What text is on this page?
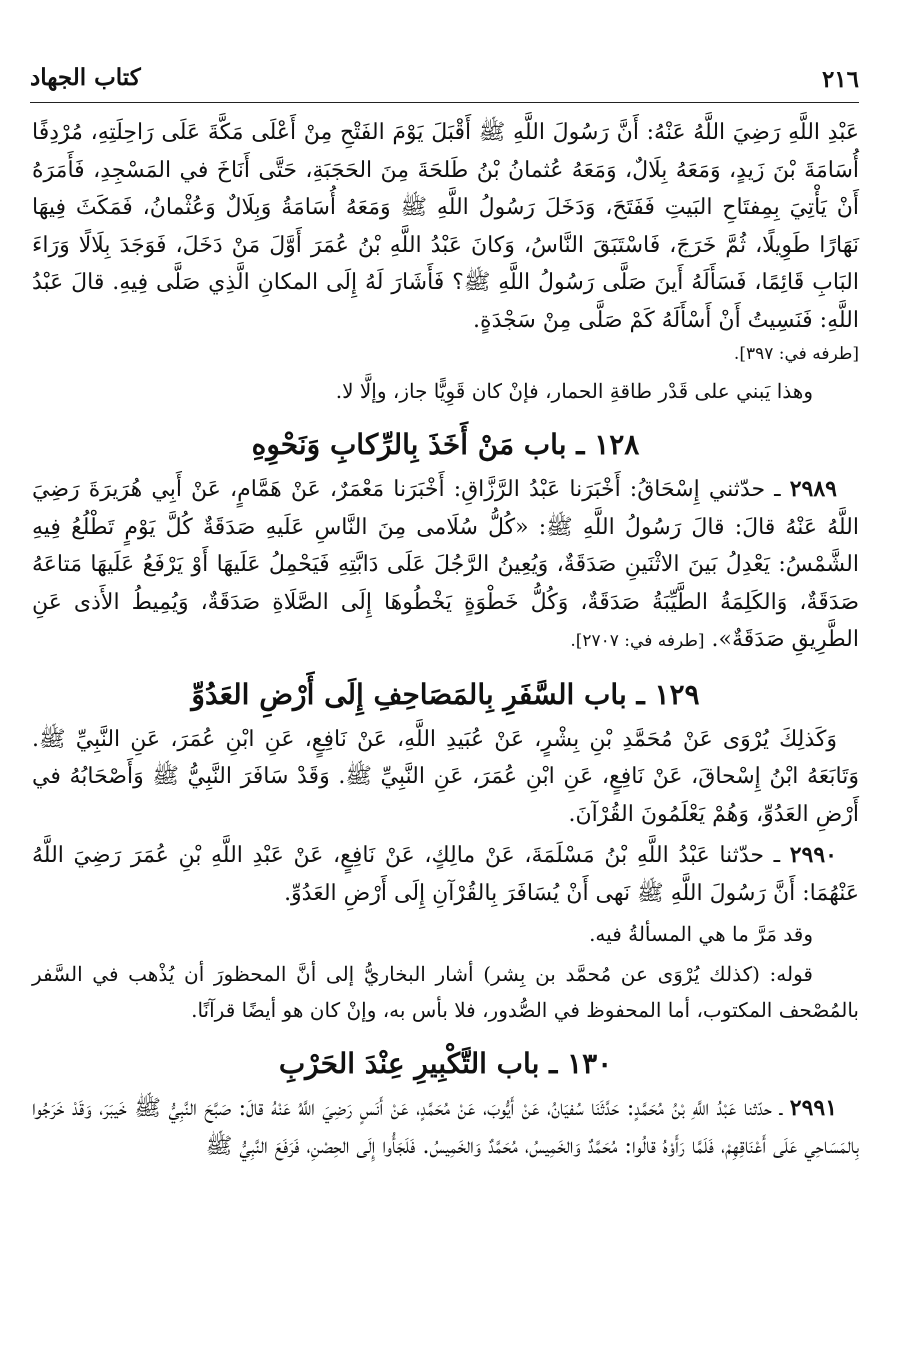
٢١٦
كتاب الجهاد

عَبْدِ اللَّهِ رَضِيَ اللَّهُ عَنْهُ: أَنَّ رَسُولَ اللَّهِ ﷺ أَقْبَلَ يَوْمَ الفَتْحِ مِنْ أَعْلَى مَكَّةَ عَلَى رَاحِلَتِهِ، مُرْدِفًا أُسَامَةَ بْنَ زَيدٍ، وَمَعَهُ بِلَالٌ، وَمَعَهُ عُثمانُ بْنُ طَلحَةَ مِنَ الحَجَبَةِ، حَتَّى أَنَاخَ في المَسْجِدِ، فَأَمَرَهُ أَنْ يَأْتِيَ بِمِفتَاحِ البَيتِ فَفَتَحَ، وَدَخَلَ رَسُولُ اللَّهِ ﷺ وَمَعَهُ أُسَامَةُ وَبِلَالٌ وَعُثْمانُ، فَمَكَثَ فِيهَا نَهَارًا طَوِيلًا، ثُمَّ خَرَجَ، فَاسْتَبَقَ النَّاسُ، وَكانَ عَبْدُ اللَّهِ بْنُ عُمَرَ أَوَّلَ مَنْ دَخَلَ، فَوَجَدَ بِلَالًا وَرَاءَ البَابِ قَائِمًا، فَسَأَلَهُ أَينَ صَلَّى رَسُولُ اللَّهِ ﷺ؟ فَأَشَارَ لَهُ إِلَى المكانِ الَّذِي صَلَّى فِيهِ. قالَ عَبْدُ اللَّهِ: فَنَسِيتُ أَنْ أَسْأَلَهُ كَمْ صَلَّى مِنْ سَجْدَةٍ.

[طرفه في: ٣٩٧].

وهذا يَبني على قَدْر طاقةِ الحمار، فإنْ كان قَوِيًّا جاز، وإلَّا لا.

١٢٨ ـ باب مَنْ أَخَذَ بِالرِّكابِ وَنَحْوِهِ

٢٩٨٩ ـ حدّثني إِسْحَاقُ: أَخْبَرَنا عَبْدُ الرَّزَّاقِ: أَخْبَرَنا مَعْمَرٌ، عَنْ هَمَّامٍ، عَنْ أَبِي هُرَيرَةَ رَضِيَ اللَّهُ عَنْهُ قالَ: قالَ رَسُولُ اللَّهِ ﷺ: «كُلُّ سُلَامى مِنَ النَّاسِ عَلَيهِ صَدَقَةٌ كُلَّ يَوْمٍ تَطْلُعُ فِيهِ الشَّمْسُ: يَعْدِلُ بَينَ الاثْنَينِ صَدَقَةٌ، وَيُعِينُ الرَّجُلَ عَلَى دَابَّتِهِ فَيَحْمِلُ عَلَيهَا أَوْ يَرْفَعُ عَلَيهَا مَتاعَهُ صَدَقَةٌ، وَالكَلِمَةُ الطَّيِّبَةُ صَدَقَةٌ، وَكُلُّ خَطْوَةٍ يَخْطُوهَا إِلَى الصَّلَاةِ صَدَقَةٌ، وَيُمِيطُ الأَذى عَنِ الطَّرِيقِ صَدَقَةٌ». [طرفه في: ٢٧٠٧].

١٢٩ ـ باب السَّفَرِ بِالمَصَاحِفِ إِلَى أَرْضِ العَدُوِّ

وَكَذلِكَ يُرْوَى عَنْ مُحَمَّدِ بْنِ بِشْرٍ، عَنْ عُبَيدِ اللَّهِ، عَنْ نَافِعٍ، عَنِ ابْنِ عُمَرَ، عَنِ النَّبِيِّ ﷺ. وَتَابَعَهُ ابْنُ إِسْحاقَ، عَنْ نَافِعٍ، عَنِ ابْنِ عُمَرَ، عَنِ النَّبِيِّ ﷺ. وَقَدْ سَافَرَ النَّبِيُّ ﷺ وَأَصْحَابُهُ في أَرْضِ العَدُوِّ، وَهُمْ يَعْلَمُونَ القُرْآنَ.

٢٩٩٠ ـ حدّثنا عَبْدُ اللَّهِ بْنُ مَسْلَمَةَ، عَنْ مالِكٍ، عَنْ نَافِعٍ، عَنْ عَبْدِ اللَّهِ بْنِ عُمَرَ رَضِيَ اللَّهُ عَنْهُمَا: أَنَّ رَسُولَ اللَّهِ ﷺ نَهى أَنْ يُسَافَرَ بِالقُرْآنِ إِلَى أَرْضِ العَدُوِّ.

وقد مَرَّ ما هي المسألةُ فيه.

قوله: (كذلك يُرْوَى عن مُحمَّد بن بِشر) أشار البخاريُّ إلى أنَّ المحظورَ أن يُذْهب في السَّفر بالمُصْحف المكتوب، أما المحفوظ في الصُّدور، فلا بأس به، وإنْ كان هو أيضًا قرآنًا.

١٣٠ ـ باب التَّكْبِيرِ عِنْدَ الحَرْبِ

٢٩٩١ ـ حدّثنا عَبْدُ اللَّهِ بْنُ مُحَمَّدٍ: حَدَّثَنَا سُفيَانُ، عَنْ أَيُّوبَ، عَنْ مُحَمَّدٍ، عَنْ أَنَسٍ رَضِيَ اللَّهُ عَنْهُ قالَ: صَبَّحَ النَّبِيُّ ﷺ خَيبَرَ، وَقَدْ خَرَجُوا بِالمَسَاحِي عَلَى أَعْنَاقِهِمْ، فَلَمَّا رَأَوْهُ قالُوا: مُحَمَّدٌ وَالخَمِيسُ، مُحَمَّدٌ وَالخَمِيسُ. فَلَجَأُوا إِلَى الحِصْنِ، فَرَفَعَ النَّبِيُّ ﷺ
